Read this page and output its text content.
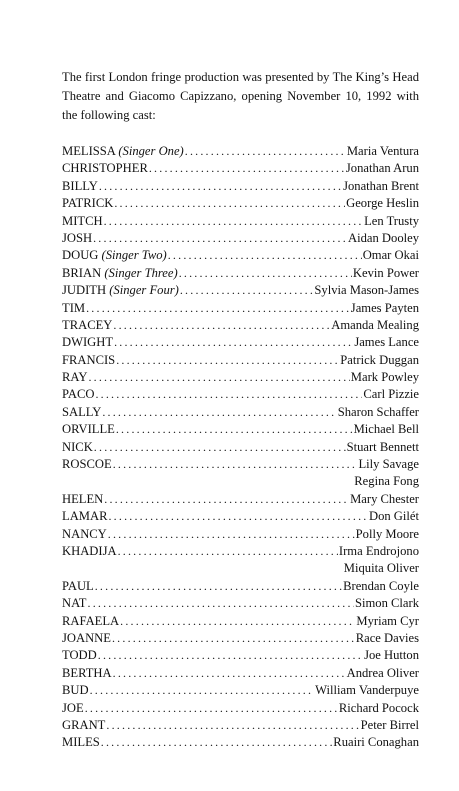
The first London fringe production was presented by The King’s Head Theatre and Giacomo Capizzano, opening November 10, 1992 with the following cast:

MELISSA (Singer One) .....	Maria Ventura
CHRISTOPHER .....	Jonathan Arun
BILLY .....	Jonathan Brent
PATRICK .....	George Heslin
MITCH .....	Len Trusty
JOSH .....	Aidan Dooley
DOUG (Singer Two) .....	Omar Okai
BRIAN (Singer Three) .....	Kevin Power
JUDITH (Singer Four) .....	Sylvia Mason-James
TIM .....	James Payten
TRACEY .....	Amanda Mealing
DWIGHT .....	James Lance
FRANCIS .....	Patrick Duggan
RAY .....	Mark Powley
PACO .....	Carl Pizzie
SALLY .....	Sharon Schaffer
ORVILLE .....	Michael Bell
NICK .....	Stuart Bennett
ROSCOE .....	Lily Savage
Regina Fong
HELEN .....	Mary Chester
LAMAR .....	Don Gilét
NANCY .....	Polly Moore
KHADIJA .....	Irma Endrojono
Miquita Oliver
PAUL .....	Brendan Coyle
NAT .....	Simon Clark
RAFAELA .....	Myriam Cyr
JOANNE .....	Race Davies
TODD .....	Joe Hutton
BERTHA .....	Andrea Oliver
BUD .....	William Vanderpuye
JOE .....	Richard Pocock
GRANT .....	Peter Birrel
MILES .....	Ruairi Conaghan
